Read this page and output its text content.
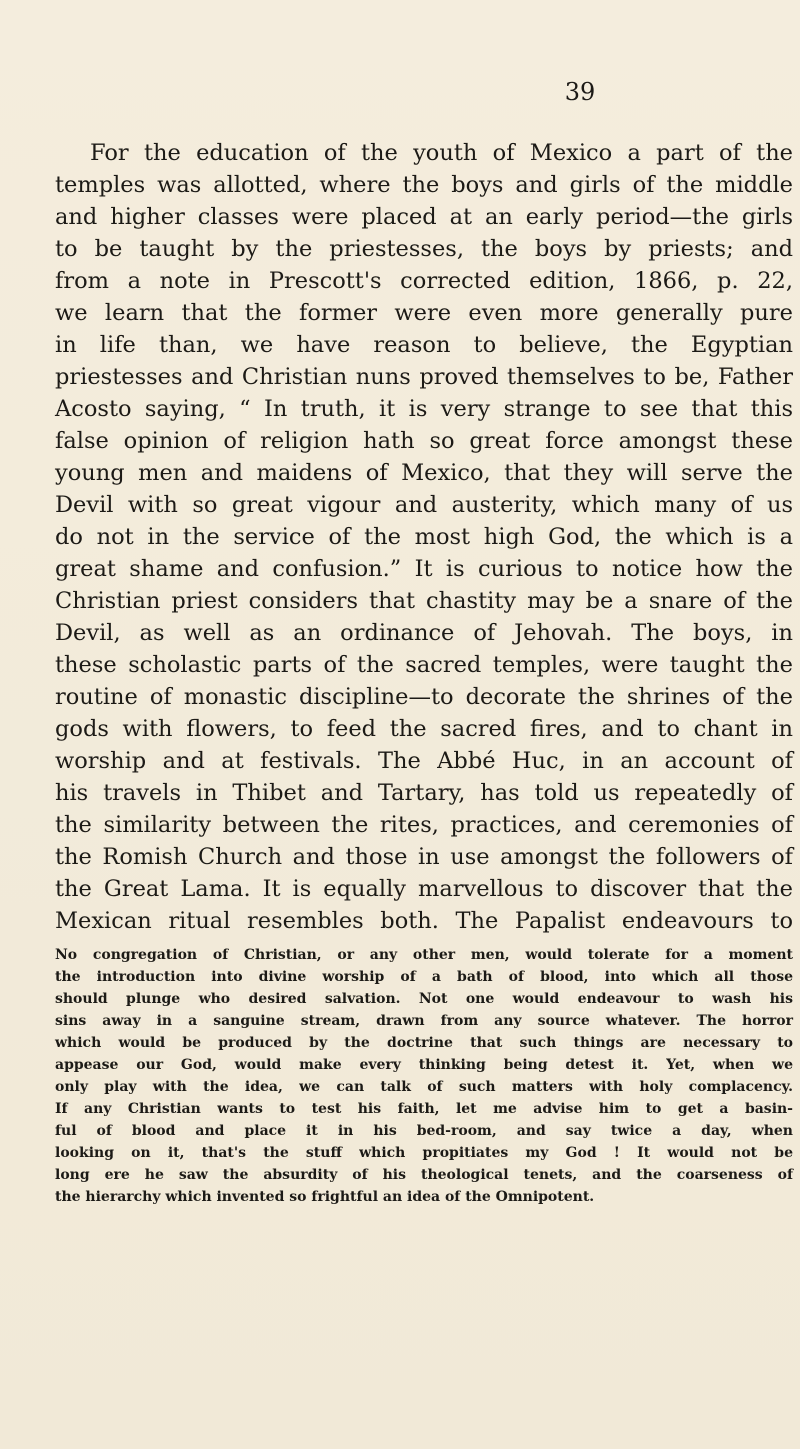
39
For the education of the youth of Mexico a part of the
temples was allotted, where the boys and girls of the middle
and higher classes were placed at an early period—the girls
to be taught by the priestesses, the boys by priests; and
from a note in Prescott's corrected edition, 1866, p. 22,
we learn that the former were even more generally pure
in life than, we have reason to believe, the Egyptian
priestesses and Christian nuns proved themselves to be, Father
Acosto saying, “ In truth, it is very strange to see that this
false opinion of religion hath so great force amongst these
young men and maidens of Mexico, that they will serve the
Devil with so great vigour and austerity, which many of us
do not in the service of the most high God, the which is a
great shame and confusion.” It is curious to notice how the
Christian priest considers that chastity may be a snare of the
Devil, as well as an ordinance of Jehovah. The boys, in
these scholastic parts of the sacred temples, were taught the
routine of monastic discipline—to decorate the shrines of the
gods with flowers, to feed the sacred fires, and to chant in
worship and at festivals. The Abbé Huc, in an account of
his travels in Thibet and Tartary, has told us repeatedly of
the similarity between the rites, practices, and ceremonies of
the Romish Church and those in use amongst the followers of
the Great Lama. It is equally marvellous to discover that the
Mexican ritual resembles both. The Papalist endeavours to
No congregation of Christian, or any other men, would tolerate for a moment
the introduction into divine worship of a bath of blood, into which all those
should plunge who desired salvation. Not one would endeavour to wash his
sins away in a sanguine stream, drawn from any source whatever. The horror
which would be produced by the doctrine that such things are necessary to
appease our God, would make every thinking being detest it. Yet, when we
only play with the idea, we can talk of such matters with holy complacency.
If any Christian wants to test his faith, let me advise him to get a basin-
ful of blood and place it in his bed-room, and say twice a day, when
looking on it, that's the stuff which propitiates my God ! It would not be
long ere he saw the absurdity of his theological tenets, and the coarseness of
the hierarchy which invented so frightful an idea of the Omnipotent.
